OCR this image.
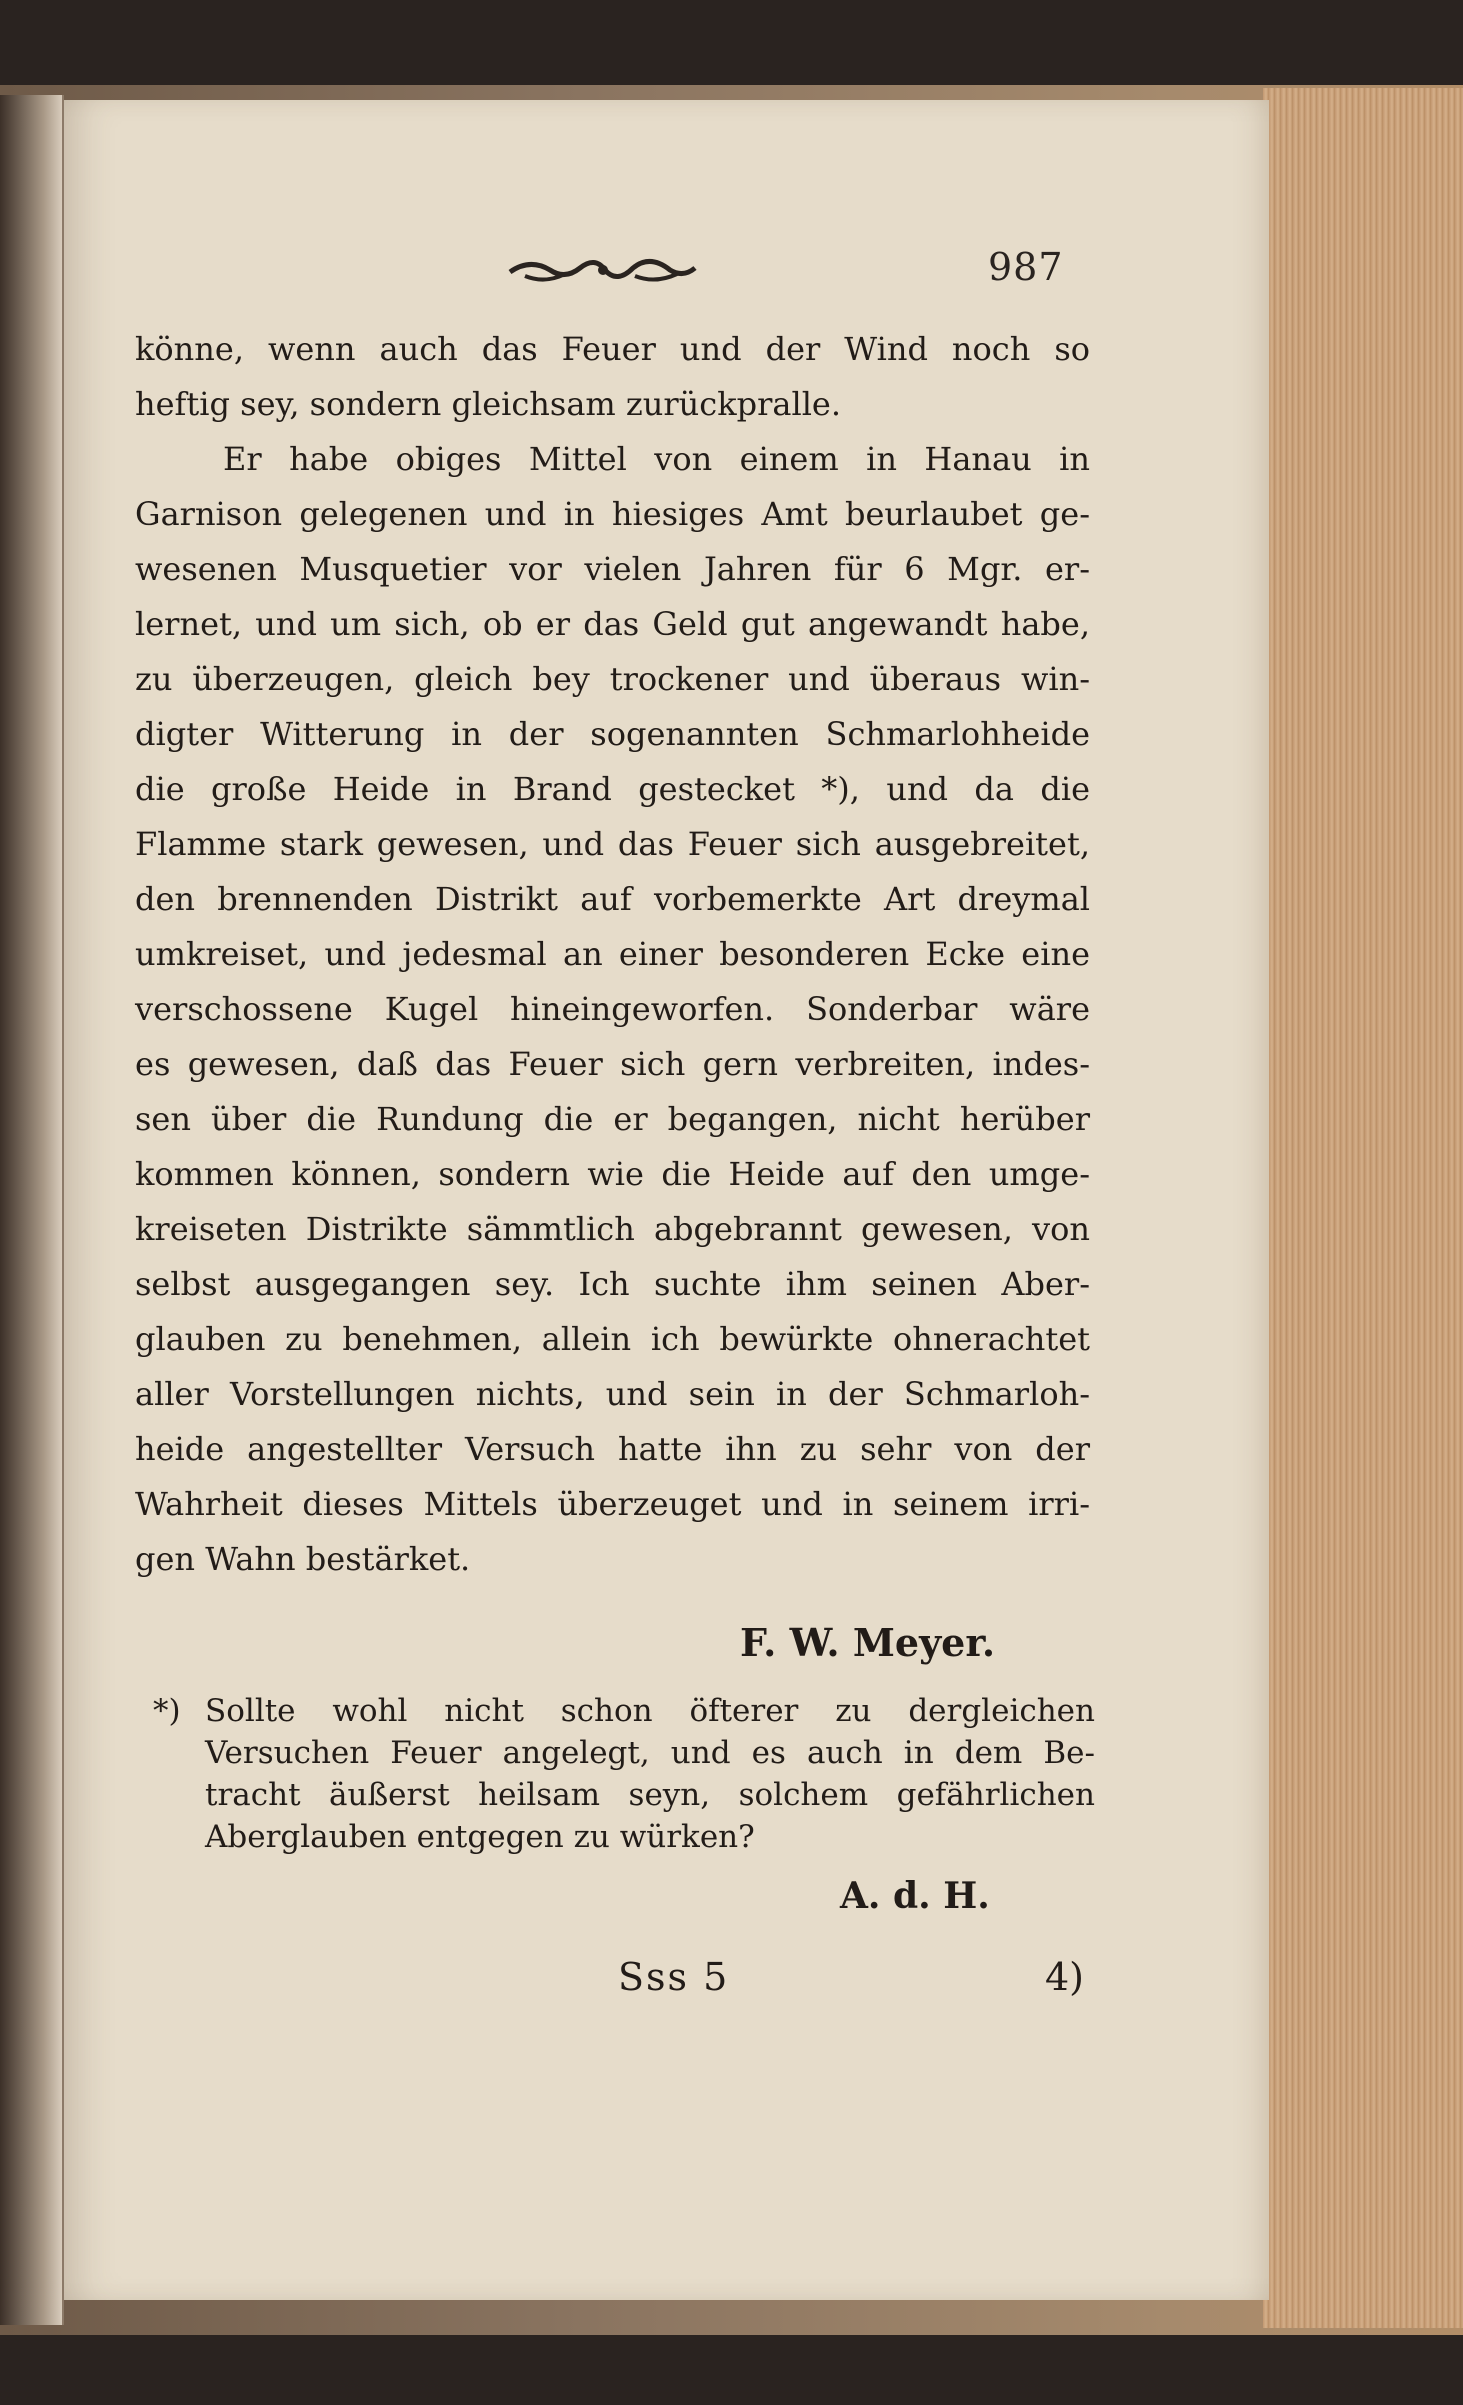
987
könne, wenn auch das Feuer und der Wind noch so
heftig sey, sondern gleichsam zurückpralle.
Er habe obiges Mittel von einem in Hanau in
Garnison gelegenen und in hiesiges Amt beurlaubet ge-
wesenen Musquetier vor vielen Jahren für 6 Mgr. er-
lernet, und um sich, ob er das Geld gut angewandt habe,
zu überzeugen, gleich bey trockener und überaus win-
digter Witterung in der sogenannten Schmarlohheide
die große Heide in Brand gestecket *), und da die
Flamme stark gewesen, und das Feuer sich ausgebreitet,
den brennenden Distrikt auf vorbemerkte Art dreymal
umkreiset, und jedesmal an einer besonderen Ecke eine
verschossene Kugel hineingeworfen. Sonderbar wäre
es gewesen, daß das Feuer sich gern verbreiten, indes-
sen über die Rundung die er begangen, nicht herüber
kommen können, sondern wie die Heide auf den umge-
kreiseten Distrikte sämmtlich abgebrannt gewesen, von
selbst ausgegangen sey. Ich suchte ihm seinen Aber-
glauben zu benehmen, allein ich bewürkte ohnerachtet
aller Vorstellungen nichts, und sein in der Schmarloh-
heide angestellter Versuch hatte ihn zu sehr von der
Wahrheit dieses Mittels überzeuget und in seinem irri-
gen Wahn bestärket.
F. W. Meyer.
*) Sollte wohl nicht schon öfterer zu dergleichen
Versuchen Feuer angelegt, und es auch in dem Be-
tracht äußerst heilsam seyn, solchem gefährlichen
Aberglauben entgegen zu würken?
A. d. H.
Sss 5	4)
